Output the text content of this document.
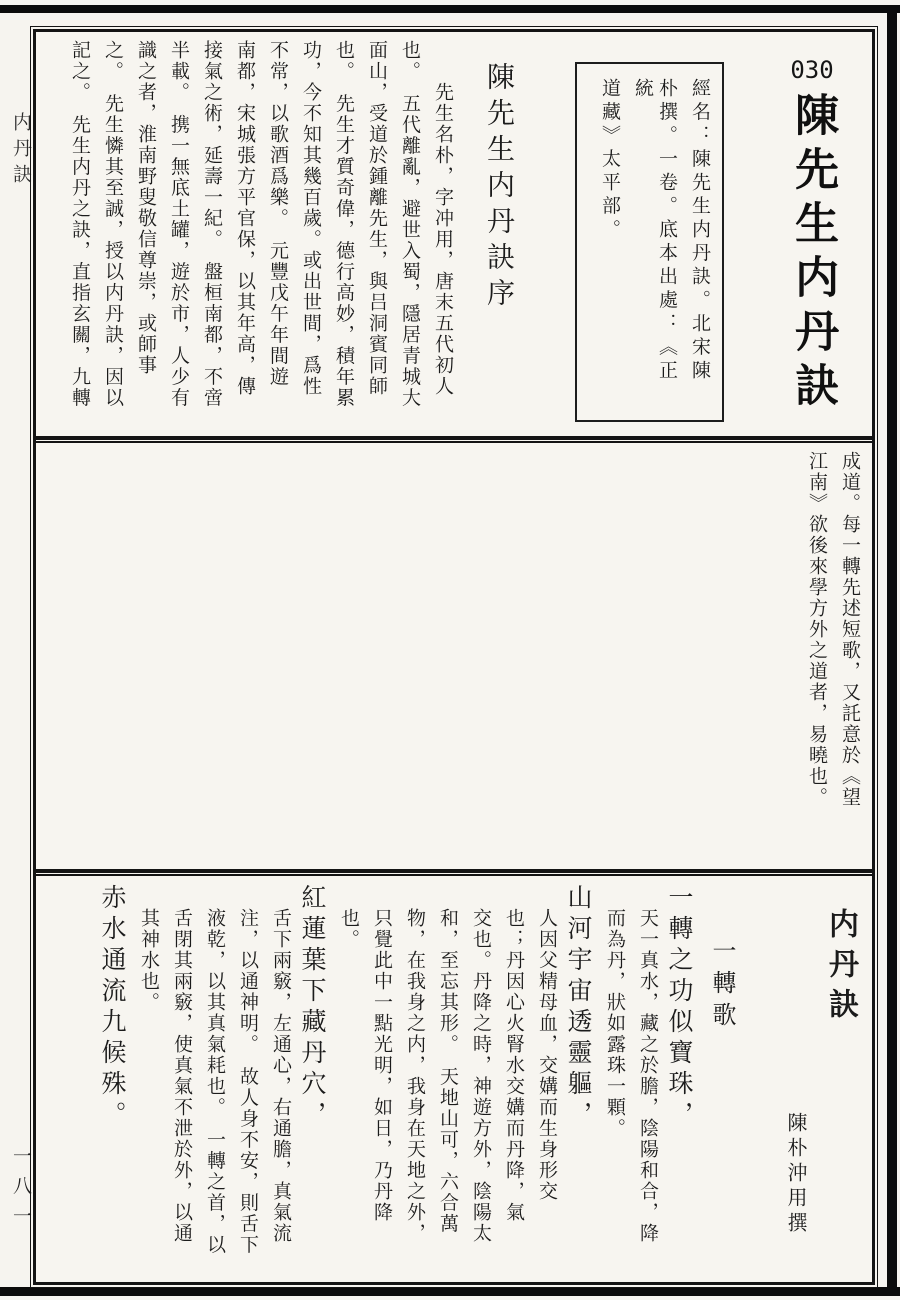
内丹訣
一八一
030
陳先生内丹訣
經名：陳先生内丹訣。北宋陳
朴撰。一卷。底本出處：《正統
道藏》太平部。
陳先生内丹訣序
　　先生名朴，字冲用，唐末五代初人
也。　五代離亂，避世入蜀，隱居青城大
面山，受道於鍾離先生，與吕洞賓同師
也。　先生才質奇偉，德行高妙，積年累
功，今不知其幾百歲。或出世間，爲性
不常，以歌酒爲樂。　元豐戊午年間遊
南都，宋城張方平官保，以其年高，傳
接氣之術，延壽一紀。　盤桓南都，不啻
半載。　携一無底土罐，遊於市，人少有
識之者，淮南野叟敬信尊崇，或師事
之。　先生憐其至誠，授以内丹訣，因以
記之。　先生内丹之訣，直指玄關，九轉
成道。每一轉先述短歌，又託意於《望
江南》欲後來學方外之道者，易曉也。
内丹訣
陳朴沖用撰
一轉歌
一轉之功似寶珠，
天一真水，藏之於膽，陰陽和合，降
而為丹，狀如露珠一顆。
山河宇宙透靈軀，
人因父精母血，交媾而生身形交
也；丹因心火腎水交媾而丹降，氣
交也。丹降之時，神遊方外，陰陽太
和，至忘其形。　天地山可，六合萬
物，在我身之内，我身在天地之外，
只覺此中一點光明，如日，乃丹降
也。
紅蓮葉下藏丹穴，
舌下兩竅，左通心，右通膽，真氣流
注，以通神明。　故人身不安，則舌下
液乾，以其真氣耗也。　一轉之首，以
舌閉其兩竅，使真氣不泄於外，以通
其神水也。
赤水通流九候殊。
